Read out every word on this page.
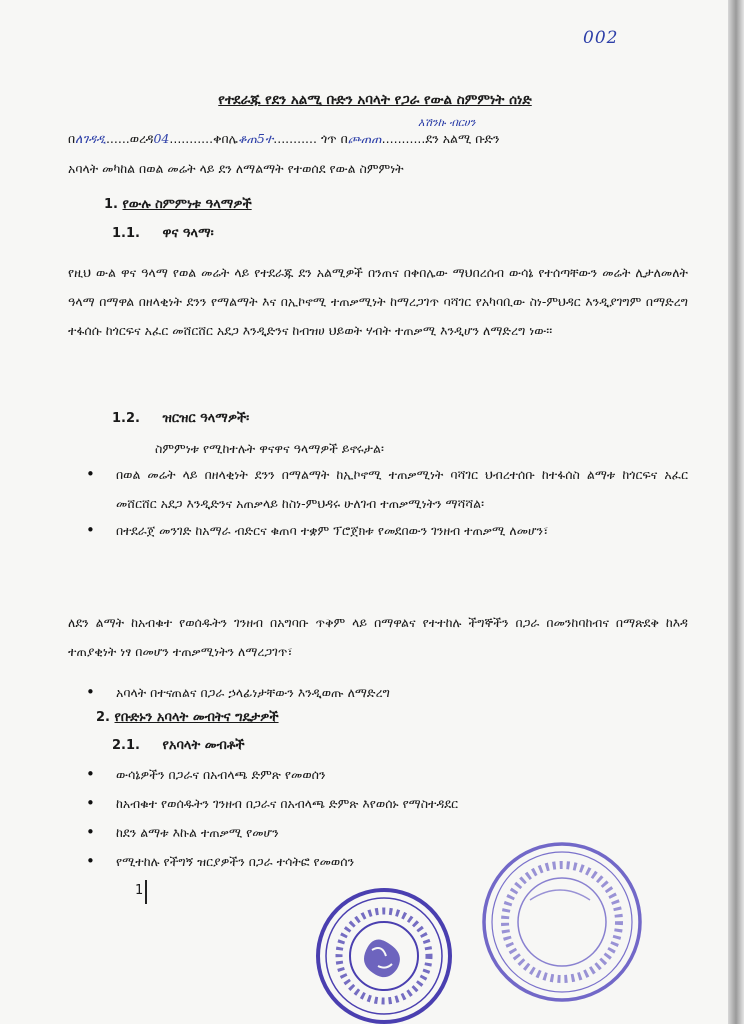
002
የተደራጁ የደን አልሚ ቡድን አባላት የጋራ የውል ስምምነት ሰነድ
በለገዳዲ......ወረዳ04...........ቀበሌቆጠ5ተ........... ጎጥ በጮጠጠ...........ደን አልሚ ቡድን
እሽንኩ ብርሀን
አባላት መካከል በወል መሬት ላይ ደን ለማልማት የተወሰደ የውል ስምምነት
1. የውሉ ስምምነቱ ዓላማዎች
1.1. ዋና ዓላማ፡
የዚህ ውል ዋና ዓላማ የወል መሬት ላይ የተደራጁ ደን አልሚዎች በንጠና በቀበሌው ማህበረሰብ ውሳኔ የተሰጣቸውን መሬት ሊታለመለት ዓላማ በማዋል በዘላቂነት ደንን የማልማት እና በኢኮኖሚ ተጠቃሚነት ከማረጋገጥ ባሻገር የአካባቢው ስነ-ምህዳር እንዲያገግም በማድረግ ተፋሰሱ ከጎርፍና አፈር መሸርሸር አደጋ እንዲድንና ከብዝሀ ህይወት ሃብት ተጠቃሚ እንዲሆን ለማድረግ ነው፡፡
1.2. ዝርዝር ዓላማዎች፡
ስምምነቱ የሚከተሉት ዋናዋና ዓላማዎች ይኖሩታል፡
• በወል መሬት ላይ በዘላቂነት ደንን በማልማት ከኢኮኖሚ ተጠቃሚነት ባሻገር ህብረተሰቡ ከተፋሰስ ልማቱ ከጎርፍና አፈር መሸርሸር አደጋ እንዲድንና አጠቃላይ ከስነ-ምህዳሩ ሁለገብ ተጠቃሚነትን ማሻሻል፡
• በተደራጀ መንገድ ከአማራ ብድርና ቁጠባ ተቋም ፕሮጀክቱ የመደበውን ገንዘብ ተጠቃሚ ለመሆን፣
ለደን ልማት ከአብቁተ የወሰዱትን ገንዘብ በአግባቡ ጥቅም ላይ በማዋልና የተተከሉ ችግኞችን በጋራ በመንከባከብና በማጽደቅ ከእዳ ተጠያቂነት ነፃ በመሆን ተጠቃሚነትን ለማረጋገጥ፣
• አባላት በተናጠልና በጋራ ኃላፊነታቸውን እንዲወጡ ለማድረግ
2. የቡድኑን አባላት መብትና ግዴታዎች
2.1. የአባላት መብቶች
• ውሳኔዎችን በጋራና በአብላጫ ድምጽ የመወሰን
• ከአብቁተ የወሰዱትን ገንዘብ በጋራና በአብላጫ ድምጽ እየወሰኑ የማስተዳደር
• ከደን ልማቱ እኩል ተጠቃሚ የመሆን
• የሚተከሉ የችግኝ ዝርያዎችን በጋራ ተሳትፎ የመወሰን
1
